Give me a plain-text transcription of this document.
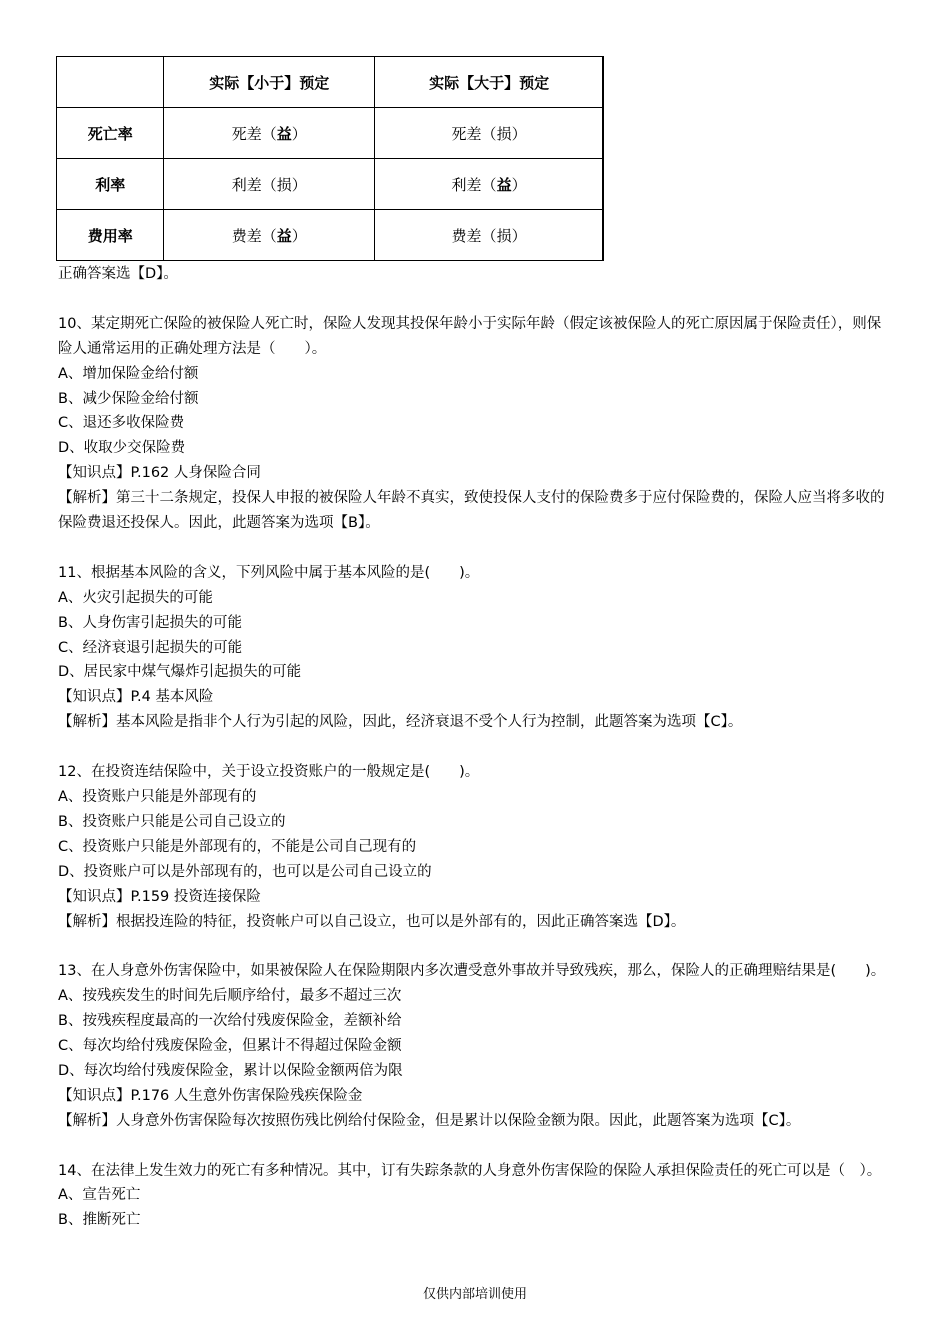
	实际【小于】预定	实际【大于】预定
死亡率	死差（益）	死差（损）
利率	利差（损）	利差（益）
费用率	费差（益）	费差（损）

正确答案选【D】。

10、某定期死亡保险的被保险人死亡时，保险人发现其投保年龄小于实际年龄（假定该被保险人的死亡原因属于保险责任），则保险人通常运用的正确处理方法是（　　）。

A、增加保险金给付额

B、减少保险金给付额

C、退还多收保险费

D、收取少交保险费

【知识点】P.162 人身保险合同

【解析】第三十二条规定，投保人申报的被保险人年龄不真实，致使投保人支付的保险费多于应付保险费的，保险人应当将多收的保险费退还投保人。因此，此题答案为选项【B】。

11、根据基本风险的含义，下列风险中属于基本风险的是(　　)。

A、火灾引起损失的可能

B、人身伤害引起损失的可能

C、经济衰退引起损失的可能

D、居民家中煤气爆炸引起损失的可能

【知识点】P.4 基本风险

【解析】基本风险是指非个人行为引起的风险，因此，经济衰退不受个人行为控制，此题答案为选项【C】。

12、在投资连结保险中，关于设立投资账户的一般规定是(　　)。

A、投资账户只能是外部现有的

B、投资账户只能是公司自己设立的

C、投资账户只能是外部现有的，不能是公司自己现有的

D、投资账户可以是外部现有的，也可以是公司自己设立的

【知识点】P.159 投资连接保险

【解析】根据投连险的特征，投资帐户可以自己设立，也可以是外部有的，因此正确答案选【D】。

13、在人身意外伤害保险中，如果被保险人在保险期限内多次遭受意外事故并导致残疾，那么，保险人的正确理赔结果是(　　)。

A、按残疾发生的时间先后顺序给付，最多不超过三次

B、按残疾程度最高的一次给付残废保险金，差额补给

C、每次均给付残废保险金，但累计不得超过保险金额

D、每次均给付残废保险金，累计以保险金额两倍为限

【知识点】P.176 人生意外伤害保险残疾保险金

【解析】人身意外伤害保险每次按照伤残比例给付保险金，但是累计以保险金额为限。因此，此题答案为选项【C】。

14、在法律上发生效力的死亡有多种情况。其中，订有失踪条款的人身意外伤害保险的保险人承担保险责任的死亡可以是（　）。

A、宣告死亡

B、推断死亡

仅供内部培训使用
